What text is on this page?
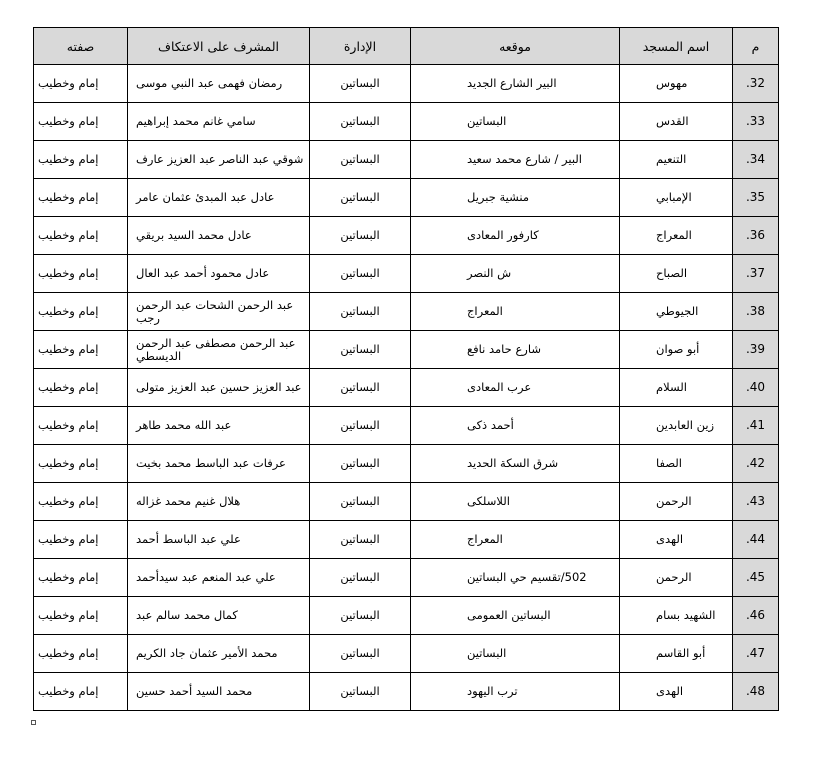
م	اسم المسجد	موقعه	الإدارة	المشرف على الاعتكاف	صفته
32.	مهوس	البير الشارع الجديد	البساتين	رمضان فهمى عبد النبي موسى	إمام وخطيب
33.	القدس	البساتين	البساتين	سامي غانم محمد إبراهيم	إمام وخطيب
34.	التنعيم	البير / شارع محمد سعيد	البساتين	شوقي عبد الناصر عبد العزيز عارف	إمام وخطيب
35.	الإمبابي	منشية جبريل	البساتين	عادل عبد المبدئ عثمان عامر	إمام وخطيب
36.	المعراج	كارفور المعادى	البساتين	عادل محمد السيد بريقي	إمام وخطيب
37.	الصباح	ش النصر	البساتين	عادل محمود أحمد عبد العال	إمام وخطيب
38.	الجيوطي	المعراج	البساتين	عبد الرحمن الشحات عبد الرحمن رجب	إمام وخطيب
39.	أبو صوان	شارع حامد نافع	البساتين	عبد الرحمن مصطفى عبد الرحمن الديسطي	إمام وخطيب
40.	السلام	عرب المعادى	البساتين	عبد العزيز حسين عبد العزيز متولى	إمام وخطيب
41.	زين العابدين	أحمد ذكى	البساتين	عبد الله محمد طاهر	إمام وخطيب
42.	الصفا	شرق السكة الحديد	البساتين	عرفات عبد الباسط محمد بخيت	إمام وخطيب
43.	الرحمن	اللاسلكى	البساتين	هلال غنيم محمد غزاله	إمام وخطيب
44.	الهدى	المعراج	البساتين	علي عبد الباسط أحمد	إمام وخطيب
45.	الرحمن	502/تقسيم حي البساتين	البساتين	علي عبد المنعم عبد سيدأحمد	إمام وخطيب
46.	الشهيد بسام	البساتين العمومى	البساتين	كمال محمد سالم عبد	إمام وخطيب
47.	أبو القاسم	البساتين	البساتين	محمد الأمير عثمان جاد الكريم	إمام وخطيب
48.	الهدى	ترب اليهود	البساتين	محمد السيد أحمد حسين	إمام وخطيب
